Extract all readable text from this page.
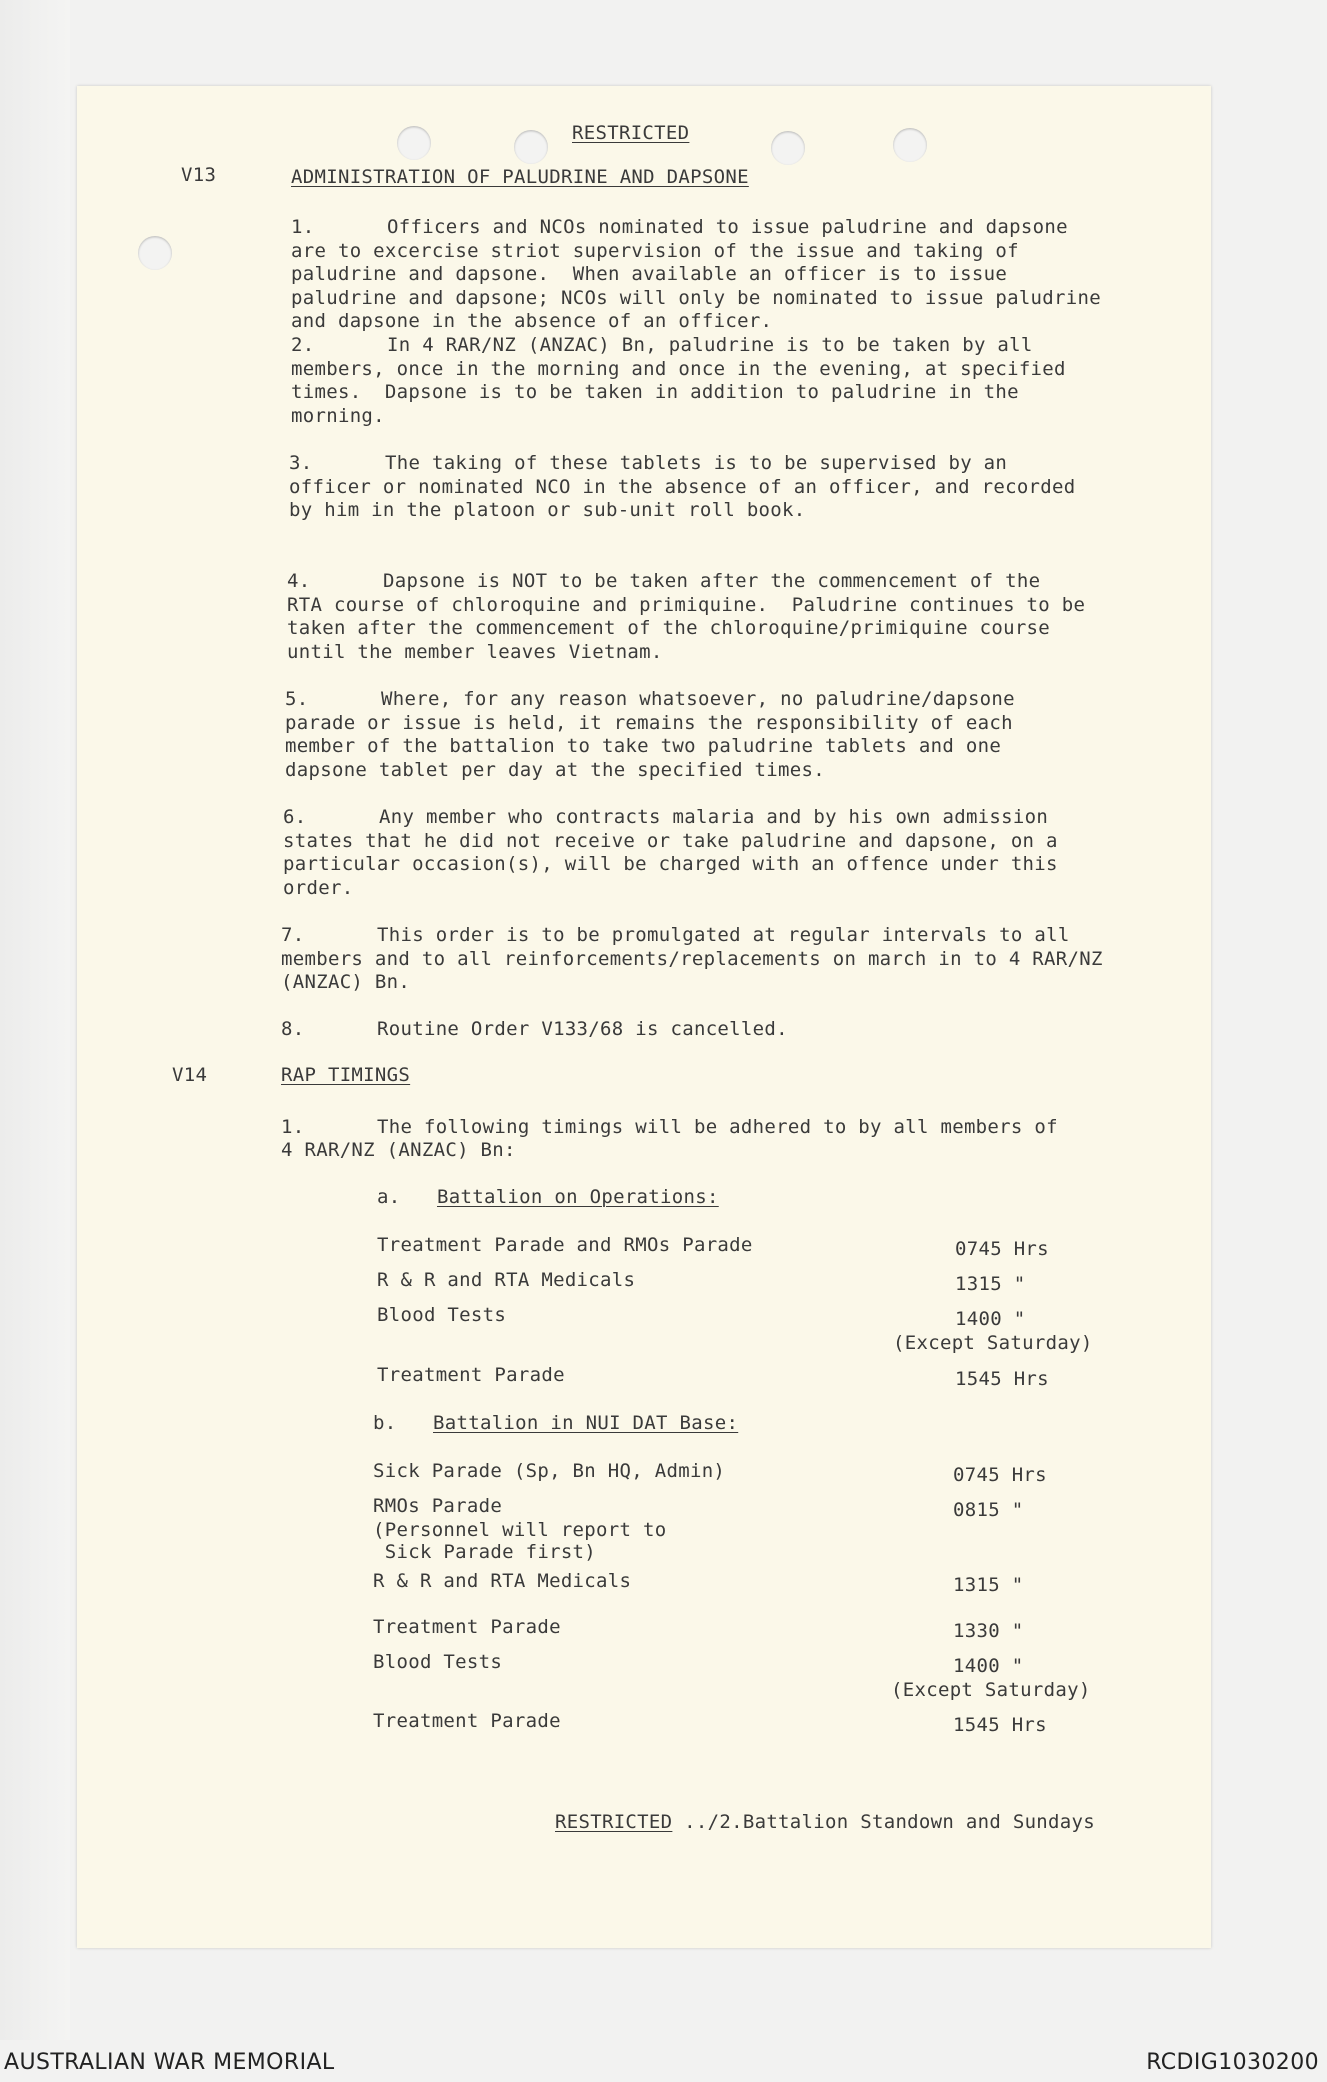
RESTRICTED
V13	ADMINISTRATION OF PALUDRINE AND DAPSONE
1.	Officers and NCOs nominated to issue paludrine and dapsone
are to excercise striot supervision of the issue and taking of
paludrine and dapsone.  When available an officer is to issue
paludrine and dapsone; NCOs will only be nominated to issue paludrine
and dapsone in the absence of an officer.
2.	In 4 RAR/NZ (ANZAC) Bn, paludrine is to be taken by all
members, once in the morning and once in the evening, at specified
times.  Dapsone is to be taken in addition to paludrine in the
morning.
3.	The taking of these tablets is to be supervised by an
officer or nominated NCO in the absence of an officer, and recorded
by him in the platoon or sub-unit roll book.
4.	Dapsone is NOT to be taken after the commencement of the
RTA course of chloroquine and primiquine.  Paludrine continues to be
taken after the commencement of the chloroquine/primiquine course
until the member leaves Vietnam.
5.	Where, for any reason whatsoever, no paludrine/dapsone
parade or issue is held, it remains the responsibility of each
member of the battalion to take two paludrine tablets and one
dapsone tablet per day at the specified times.
6.	Any member who contracts malaria and by his own admission
states that he did not receive or take paludrine and dapsone, on a
particular occasion(s), will be charged with an offence under this
order.
7.	This order is to be promulgated at regular intervals to all
members and to all reinforcements/replacements on march in to 4 RAR/NZ
(ANZAC) Bn.
8.	Routine Order V133/68 is cancelled.
V14	RAP TIMINGS
1.	The following timings will be adhered to by all members of
4 RAR/NZ (ANZAC) Bn:
a. Battalion on Operations:
Treatment Parade and RMOs Parade	0745 Hrs
R & R and RTA Medicals	1315 "
Blood Tests	1400 "
(Except Saturday)
Treatment Parade	1545 Hrs
b. Battalion in NUI DAT Base:
Sick Parade (Sp, Bn HQ, Admin)	0745 Hrs
RMOs Parade	0815 "
(Personnel will report to
Sick Parade first)
R & R and RTA Medicals	1315 "
Treatment Parade	1330 "
Blood Tests	1400 "
(Except Saturday)
Treatment Parade	1545 Hrs
RESTRICTED ../2.Battalion Standown and Sundays
AUSTRALIAN WAR MEMORIAL	RCDIG1030200
